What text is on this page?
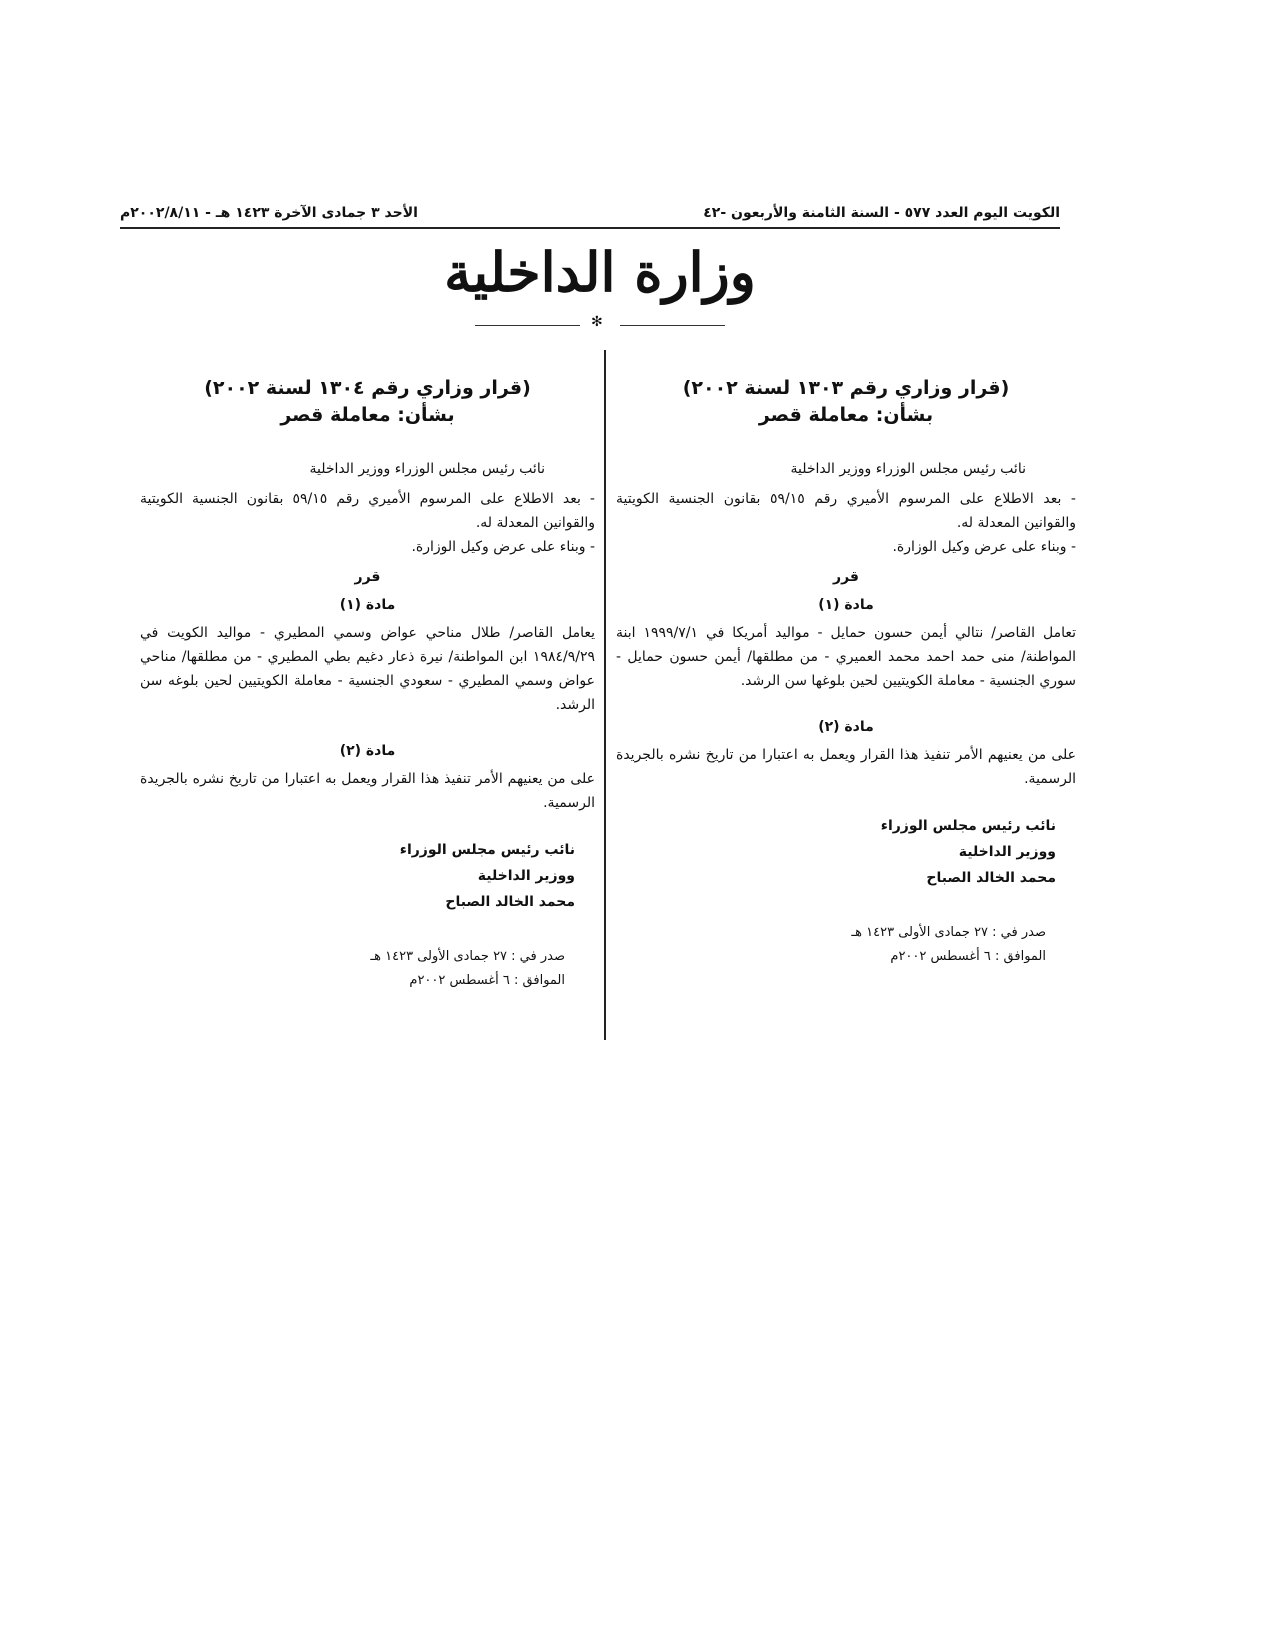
الكويت اليوم العدد ٥٧٧ - السنة الثامنة والأربعون -٤٢
الأحد ٣ جمادى الآخرة ١٤٢٣ هـ - ٢٠٠٢/٨/١١م
وزارة الداخلية
✻
(قرار وزاري رقم ١٣٠٣ لسنة ٢٠٠٢)
بشأن: معاملة قصر

نائب رئيس مجلس الوزراء ووزير الداخلية

- بعد الاطلاع على المرسوم الأميري رقم ٥٩/١٥ بقانون الجنسية الكويتية والقوانين المعدلة له.

- وبناء على عرض وكيل الوزارة.

قرر
مادة (١)

تعامل القاصر/ نتالي أيمن حسون حمايل - مواليد أمريكا في ١٩٩٩/٧/١ ابنة المواطنة/ منى حمد احمد محمد العميري - من مطلقها/ أيمن حسون حمايل - سوري الجنسية - معاملة الكويتيين لحين بلوغها سن الرشد.

مادة (٢)

على من يعنيهم الأمر تنفيذ هذا القرار ويعمل به اعتبارا من تاريخ نشره بالجريدة الرسمية.

نائب رئيس مجلس الوزراء
ووزير الداخلية
محمد الخالد الصباح
صدر في : ٢٧ جمادى الأولى ١٤٢٣ هـ
الموافق : ٦ أغسطس ٢٠٠٢م
(قرار وزاري رقم ١٣٠٤ لسنة ٢٠٠٢)
بشأن: معاملة قصر

نائب رئيس مجلس الوزراء ووزير الداخلية

- بعد الاطلاع على المرسوم الأميري رقم ٥٩/١٥ بقانون الجنسية الكويتية والقوانين المعدلة له.

- وبناء على عرض وكيل الوزارة.

قرر
مادة (١)

يعامل القاصر/ طلال مناحي عواض وسمي المطيري - مواليد الكويت في ١٩٨٤/٩/٢٩ ابن المواطنة/ نيرة ذعار دغيم بطي المطيري - من مطلقها/ مناحي عواض وسمي المطيري - سعودي الجنسية - معاملة الكويتيين لحين بلوغه سن الرشد.

مادة (٢)

على من يعنيهم الأمر تنفيذ هذا القرار ويعمل به اعتبارا من تاريخ نشره بالجريدة الرسمية.

نائب رئيس مجلس الوزراء
ووزير الداخلية
محمد الخالد الصباح
صدر في : ٢٧ جمادى الأولى ١٤٢٣ هـ
الموافق : ٦ أغسطس ٢٠٠٢م
